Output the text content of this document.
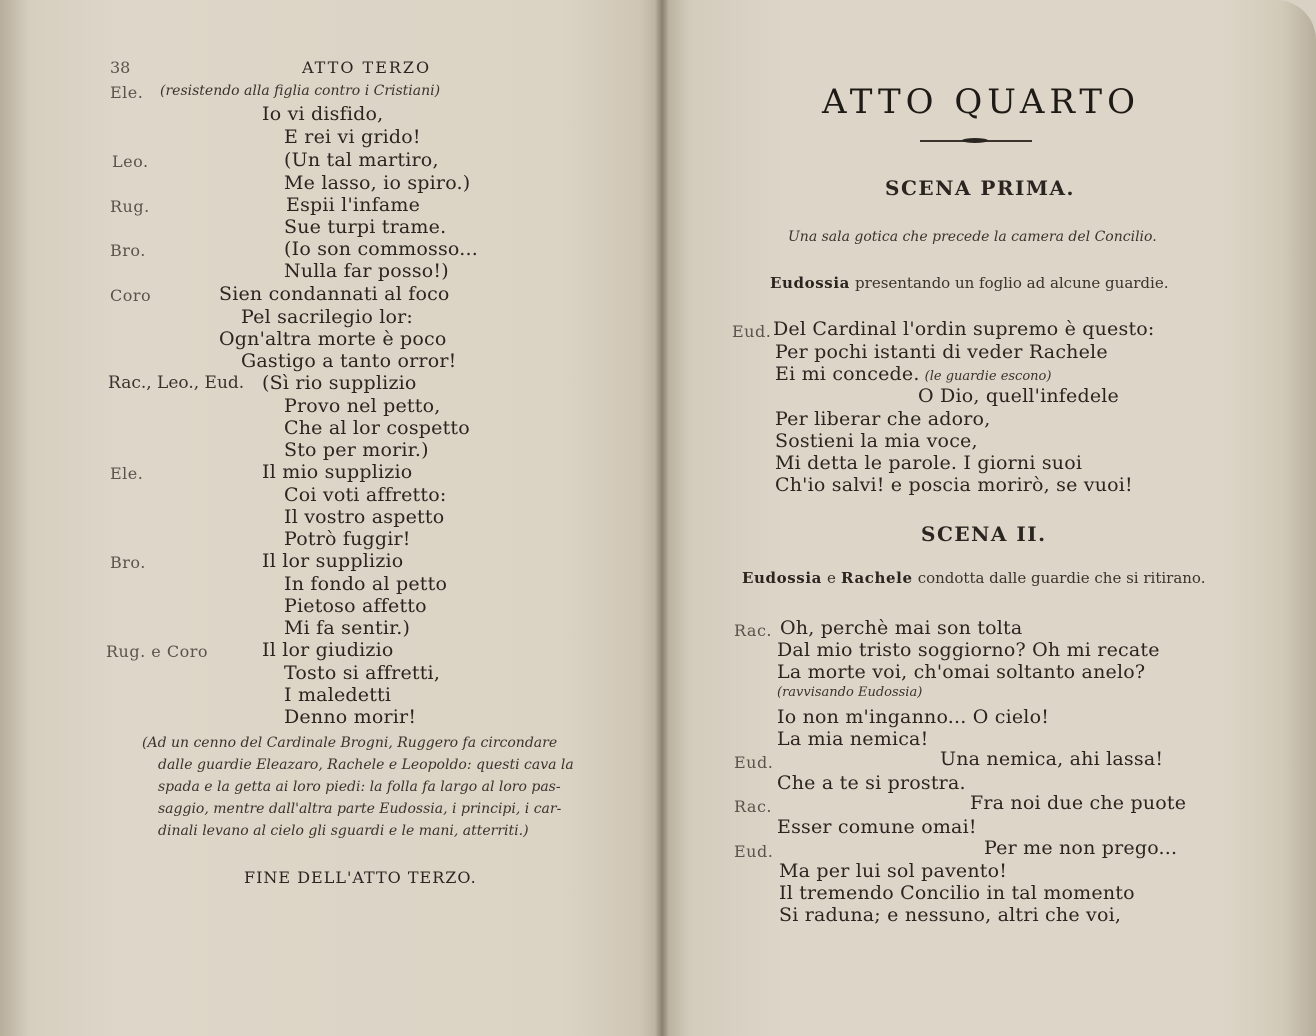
38	ATTO TERZO
Ele. (resistendo alla figlia contro i Cristiani)
Io vi disfido,
E rei vi grido!
Leo.	(Un tal martiro,
Me lasso, io spiro.)
Rug.	Espii l'infame
Sue turpi trame.
Bro.	(Io son commosso...
Nulla far posso!)
Coro	Sien condannati al foco
Pel sacrilegio lor:
Ogn'altra morte è poco
Gastigo a tanto orror!
Rac., Leo., Eud. (Sì rio supplizio
Provo nel petto,
Che al lor cospetto
Sto per morir.)
Ele.	Il mio supplizio
Coi voti affretto:
Il vostro aspetto
Potrò fuggir!
Bro.	Il lor supplizio
In fondo al petto
Pietoso affetto
Mi fa sentir.)
Rug. e Coro	Il lor giudizio
Tosto si affretti,
I maledetti
Denno morir!
(Ad un cenno del Cardinale Brogni, Ruggero fa circondare
dalle guardie Eleazaro, Rachele e Leopoldo: questi cava la
spada e la getta ai loro piedi: la folla fa largo al loro pas-
saggio, mentre dall'altra parte Eudossia, i principi, i car-
dinali levano al cielo gli sguardi e le mani, atterriti.)
FINE DELL'ATTO TERZO.
ATTO QUARTO
SCENA PRIMA.
Una sala gotica che precede la camera del Concilio.
Eudossia presentando un foglio ad alcune guardie.
Eud. Del Cardinal l'ordin supremo è questo:
Per pochi istanti di veder Rachele
Ei mi concede. (le guardie escono)
O Dio, quell'infedele
Per liberar che adoro,
Sostieni la mia voce,
Mi detta le parole. I giorni suoi
Ch'io salvi! e poscia morirò, se vuoi!
SCENA II.
Eudossia e Rachele condotta dalle guardie che si ritirano.
Rac. Oh, perchè mai son tolta
Dal mio tristo soggiorno? Oh mi recate
La morte voi, ch'omai soltanto anelo?
(ravvisando Eudossia)
Io non m'inganno... O cielo!
La mia nemica!
Eud.	Una nemica, ahi lassa!
Che a te si prostra.
Rac.	Fra noi due che puote
Esser comune omai!
Eud.	Per me non prego...
Ma per lui sol pavento!
Il tremendo Concilio in tal momento
Si raduna; e nessuno, altri che voi,
